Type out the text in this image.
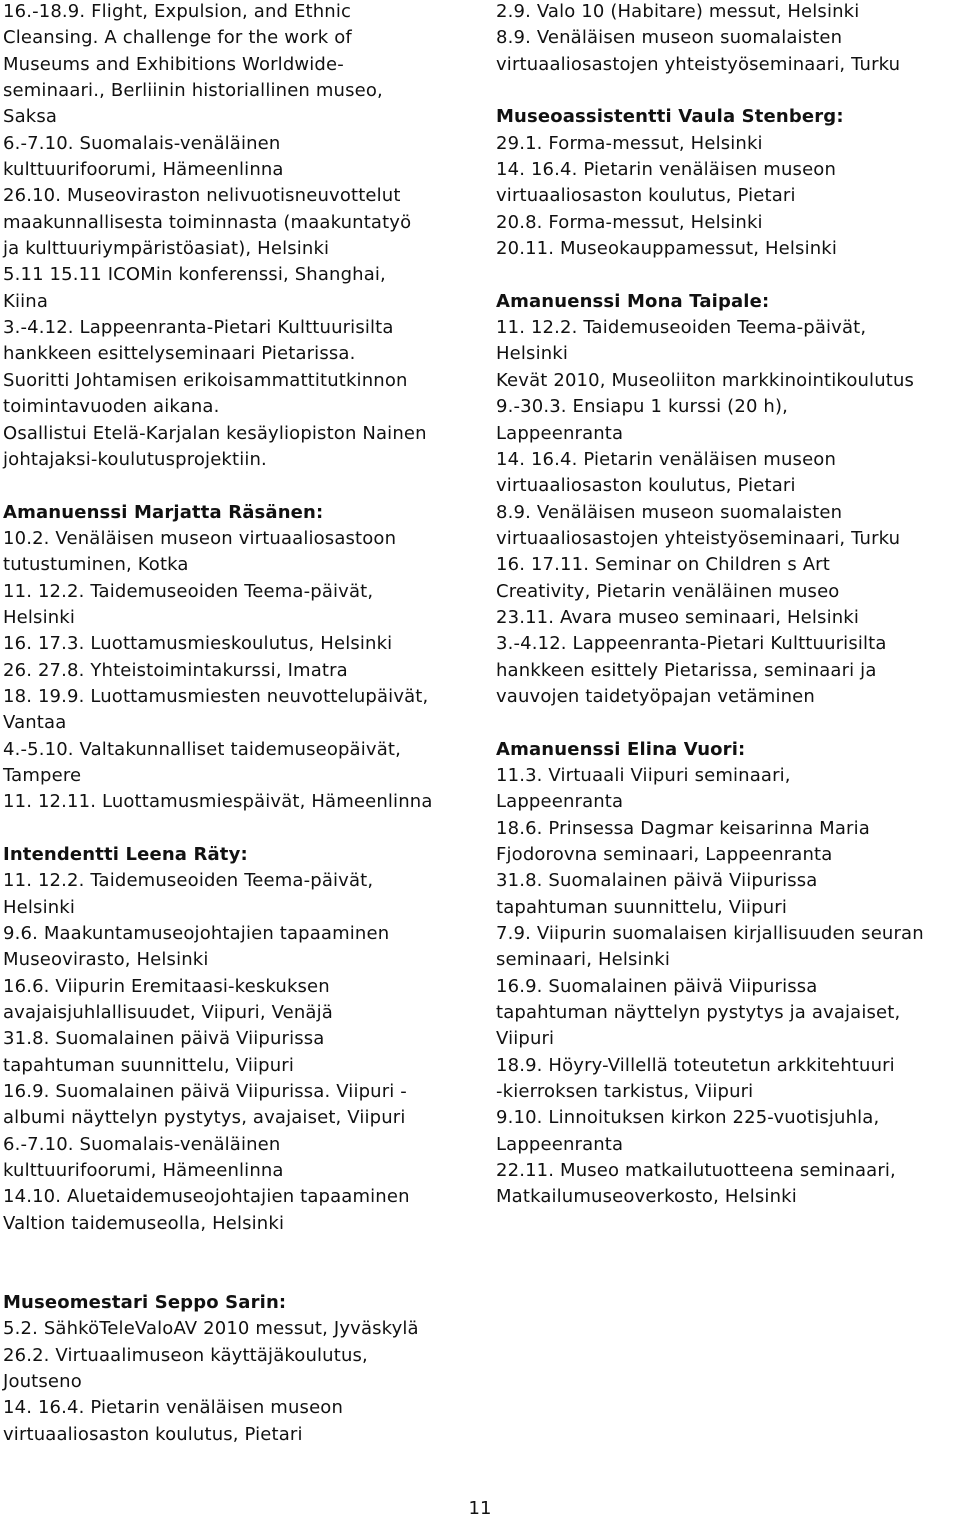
16.-18.9. Flight, Expulsion, and Ethnic
Cleansing. A challenge for the work of
Museums and Exhibitions Worldwide-
seminaari., Berliinin historiallinen museo,
Saksa
6.-7.10. Suomalais-venäläinen
kulttuurifoorumi, Hämeenlinna
26.10. Museoviraston nelivuotisneuvottelut
maakunnallisesta toiminnasta (maakuntatyö
ja kulttuuriympäristöasiat), Helsinki
5.11 15.11 ICOMin konferenssi, Shanghai,
Kiina
3.-4.12. Lappeenranta-Pietari Kulttuurisilta
hankkeen esittelyseminaari Pietarissa.
Suoritti Johtamisen erikoisammattitutkinnon
toimintavuoden aikana.
Osallistui Etelä-Karjalan kesäyliopiston Nainen
johtajaksi-koulutusprojektiin.
Amanuenssi Marjatta Räsänen:
10.2. Venäläisen museon virtuaaliosastoon
tutustuminen, Kotka
11. 12.2. Taidemuseoiden Teema-päivät,
Helsinki
16. 17.3. Luottamusmieskoulutus, Helsinki
26. 27.8. Yhteistoimintakurssi, Imatra
18. 19.9. Luottamusmiesten neuvottelupäivät,
Vantaa
4.-5.10. Valtakunnalliset taidemuseopäivät,
Tampere
11. 12.11. Luottamusmiespäivät, Hämeenlinna
Intendentti Leena Räty:
11. 12.2. Taidemuseoiden Teema-päivät,
Helsinki
9.6. Maakuntamuseojohtajien tapaaminen
Museovirasto, Helsinki
16.6. Viipurin Eremitaasi-keskuksen
avajaisjuhlallisuudet, Viipuri, Venäjä
31.8. Suomalainen päivä Viipurissa
tapahtuman suunnittelu, Viipuri
16.9. Suomalainen päivä Viipurissa. Viipuri -
albumi näyttelyn pystytys, avajaiset, Viipuri
6.-7.10. Suomalais-venäläinen
kulttuurifoorumi, Hämeenlinna
14.10. Aluetaidemuseojohtajien tapaaminen
Valtion taidemuseolla, Helsinki
Museomestari Seppo Sarin:
5.2. SähköTeleValoAV 2010 messut, Jyväskylä
26.2. Virtuaalimuseon käyttäjäkoulutus,
Joutseno
14. 16.4. Pietarin venäläisen museon
virtuaaliosaston koulutus, Pietari
2.9. Valo 10 (Habitare) messut, Helsinki
8.9. Venäläisen museon suomalaisten
virtuaaliosastojen yhteistyöseminaari, Turku
Museoassistentti Vaula Stenberg:
29.1. Forma-messut, Helsinki
14. 16.4. Pietarin venäläisen museon
virtuaaliosaston koulutus, Pietari
20.8. Forma-messut, Helsinki
20.11. Museokauppamessut, Helsinki
Amanuenssi Mona Taipale:
11. 12.2. Taidemuseoiden Teema-päivät,
Helsinki
Kevät 2010, Museoliiton markkinointikoulutus
9.-30.3. Ensiapu 1 kurssi (20 h),
Lappeenranta
14. 16.4. Pietarin venäläisen museon
virtuaaliosaston koulutus, Pietari
8.9. Venäläisen museon suomalaisten
virtuaaliosastojen yhteistyöseminaari, Turku
16. 17.11. Seminar on Children s Art
Creativity, Pietarin venäläinen museo
23.11. Avara museo seminaari, Helsinki
3.-4.12. Lappeenranta-Pietari Kulttuurisilta
hankkeen esittely Pietarissa, seminaari ja
vauvojen taidetyöpajan vetäminen
Amanuenssi Elina Vuori:
11.3. Virtuaali Viipuri seminaari,
Lappeenranta
18.6. Prinsessa Dagmar keisarinna Maria
Fjodorovna seminaari, Lappeenranta
31.8. Suomalainen päivä Viipurissa
tapahtuman suunnittelu, Viipuri
7.9. Viipurin suomalaisen kirjallisuuden seuran
seminaari, Helsinki
16.9. Suomalainen päivä Viipurissa
tapahtuman näyttelyn pystytys ja avajaiset,
Viipuri
18.9. Höyry-Villellä toteutetun arkkitehtuuri
-kierroksen tarkistus, Viipuri
9.10. Linnoituksen kirkon 225-vuotisjuhla,
Lappeenranta
22.11. Museo matkailutuotteena seminaari,
Matkailumuseoverkosto, Helsinki
11
